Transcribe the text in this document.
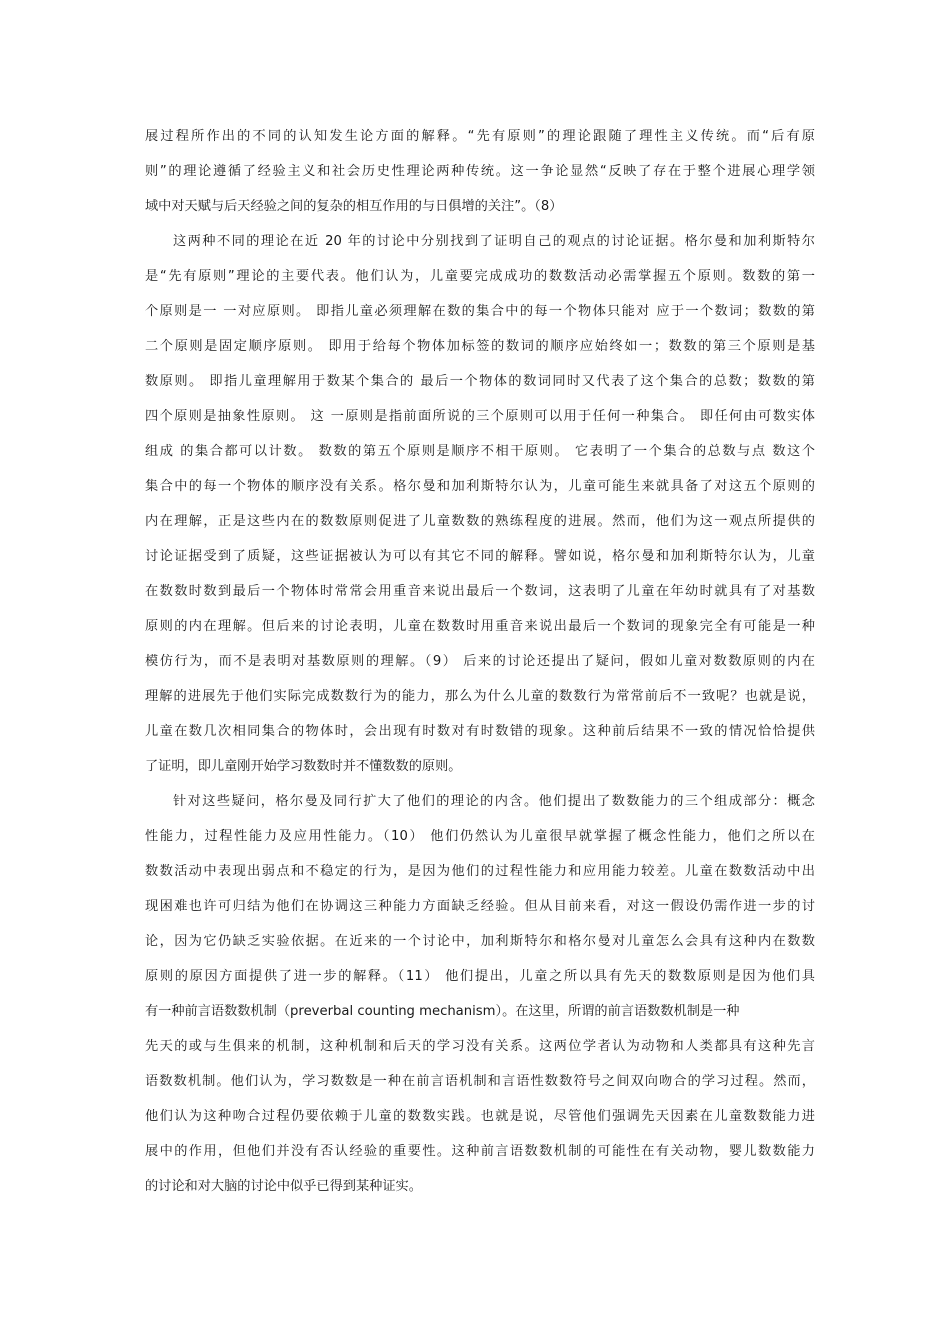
展过程所作出的不同的认知发生论方面的解释。“先有原则”的理论跟随了理性主义传统。而“后有原
则”的理论遵循了经验主义和社会历史性理论两种传统。这一争论显然“反映了存在于整个进展心理学领
域中对天赋与后天经验之间的复杂的相互作用的与日俱增的关注”。（8）
这两种不同的理论在近 20 年的讨论中分别找到了证明自己的观点的讨论证据。格尔曼和加利斯特尔
是“先有原则”理论的主要代表。他们认为，儿童要完成成功的数数活动必需掌握五个原则。数数的第一
个原则是一 一对应原则。 即指儿童必须理解在数的集合中的每一个物体只能对 应于一个数词；数数的第
二个原则是固定顺序原则。 即用于给每个物体加标签的数词的顺序应始终如一；数数的第三个原则是基
数原则。 即指儿童理解用于数某个集合的 最后一个物体的数词同时又代表了这个集合的总数；数数的第
四个原则是抽象性原则。 这 一原则是指前面所说的三个原则可以用于任何一种集合。 即任何由可数实体
组成 的集合都可以计数。 数数的第五个原则是顺序不相干原则。 它表明了一个集合的总数与点 数这个
集合中的每一个物体的顺序没有关系。格尔曼和加利斯特尔认为，儿童可能生来就具备了对这五个原则的
内在理解，正是这些内在的数数原则促进了儿童数数的熟练程度的进展。然而，他们为这一观点所提供的
讨论证据受到了质疑，这些证据被认为可以有其它不同的解释。譬如说，格尔曼和加利斯特尔认为，儿童
在数数时数到最后一个物体时常常会用重音来说出最后一个数词，这表明了儿童在年幼时就具有了对基数
原则的内在理解。但后来的讨论表明，儿童在数数时用重音来说出最后一个数词的现象完全有可能是一种
模仿行为，而不是表明对基数原则的理解。（9） 后来的讨论还提出了疑问，假如儿童对数数原则的内在
理解的进展先于他们实际完成数数行为的能力，那么为什么儿童的数数行为常常前后不一致呢？也就是说，
儿童在数几次相同集合的物体时，会出现有时数对有时数错的现象。这种前后结果不一致的情况恰恰提供
了证明，即儿童刚开始学习数数时并不懂数数的原则。
针对这些疑问，格尔曼及同行扩大了他们的理论的内含。他们提出了数数能力的三个组成部分：概念
性能力，过程性能力及应用性能力。（10） 他们仍然认为儿童很早就掌握了概念性能力，他们之所以在
数数活动中表现出弱点和不稳定的行为，是因为他们的过程性能力和应用能力较差。儿童在数数活动中出
现困难也许可归结为他们在协调这三种能力方面缺乏经验。但从目前来看，对这一假设仍需作进一步的讨
论，因为它仍缺乏实验依据。在近来的一个讨论中，加利斯特尔和格尔曼对儿童怎么会具有这种内在数数
原则的原因方面提供了进一步的解释。（11） 他们提出，儿童之所以具有先天的数数原则是因为他们具
有一种前言语数数机制（preverbal counting mechanism）。在这里，所谓的前言语数数机制是一种
先天的或与生俱来的机制，这种机制和后天的学习没有关系。这两位学者认为动物和人类都具有这种先言
语数数机制。他们认为，学习数数是一种在前言语机制和言语性数数符号之间双向吻合的学习过程。然而，
他们认为这种吻合过程仍要依赖于儿童的数数实践。也就是说，尽管他们强调先天因素在儿童数数能力进
展中的作用，但他们并没有否认经验的重要性。这种前言语数数机制的可能性在有关动物，婴儿数数能力
的讨论和对大脑的讨论中似乎已得到某种证实。
